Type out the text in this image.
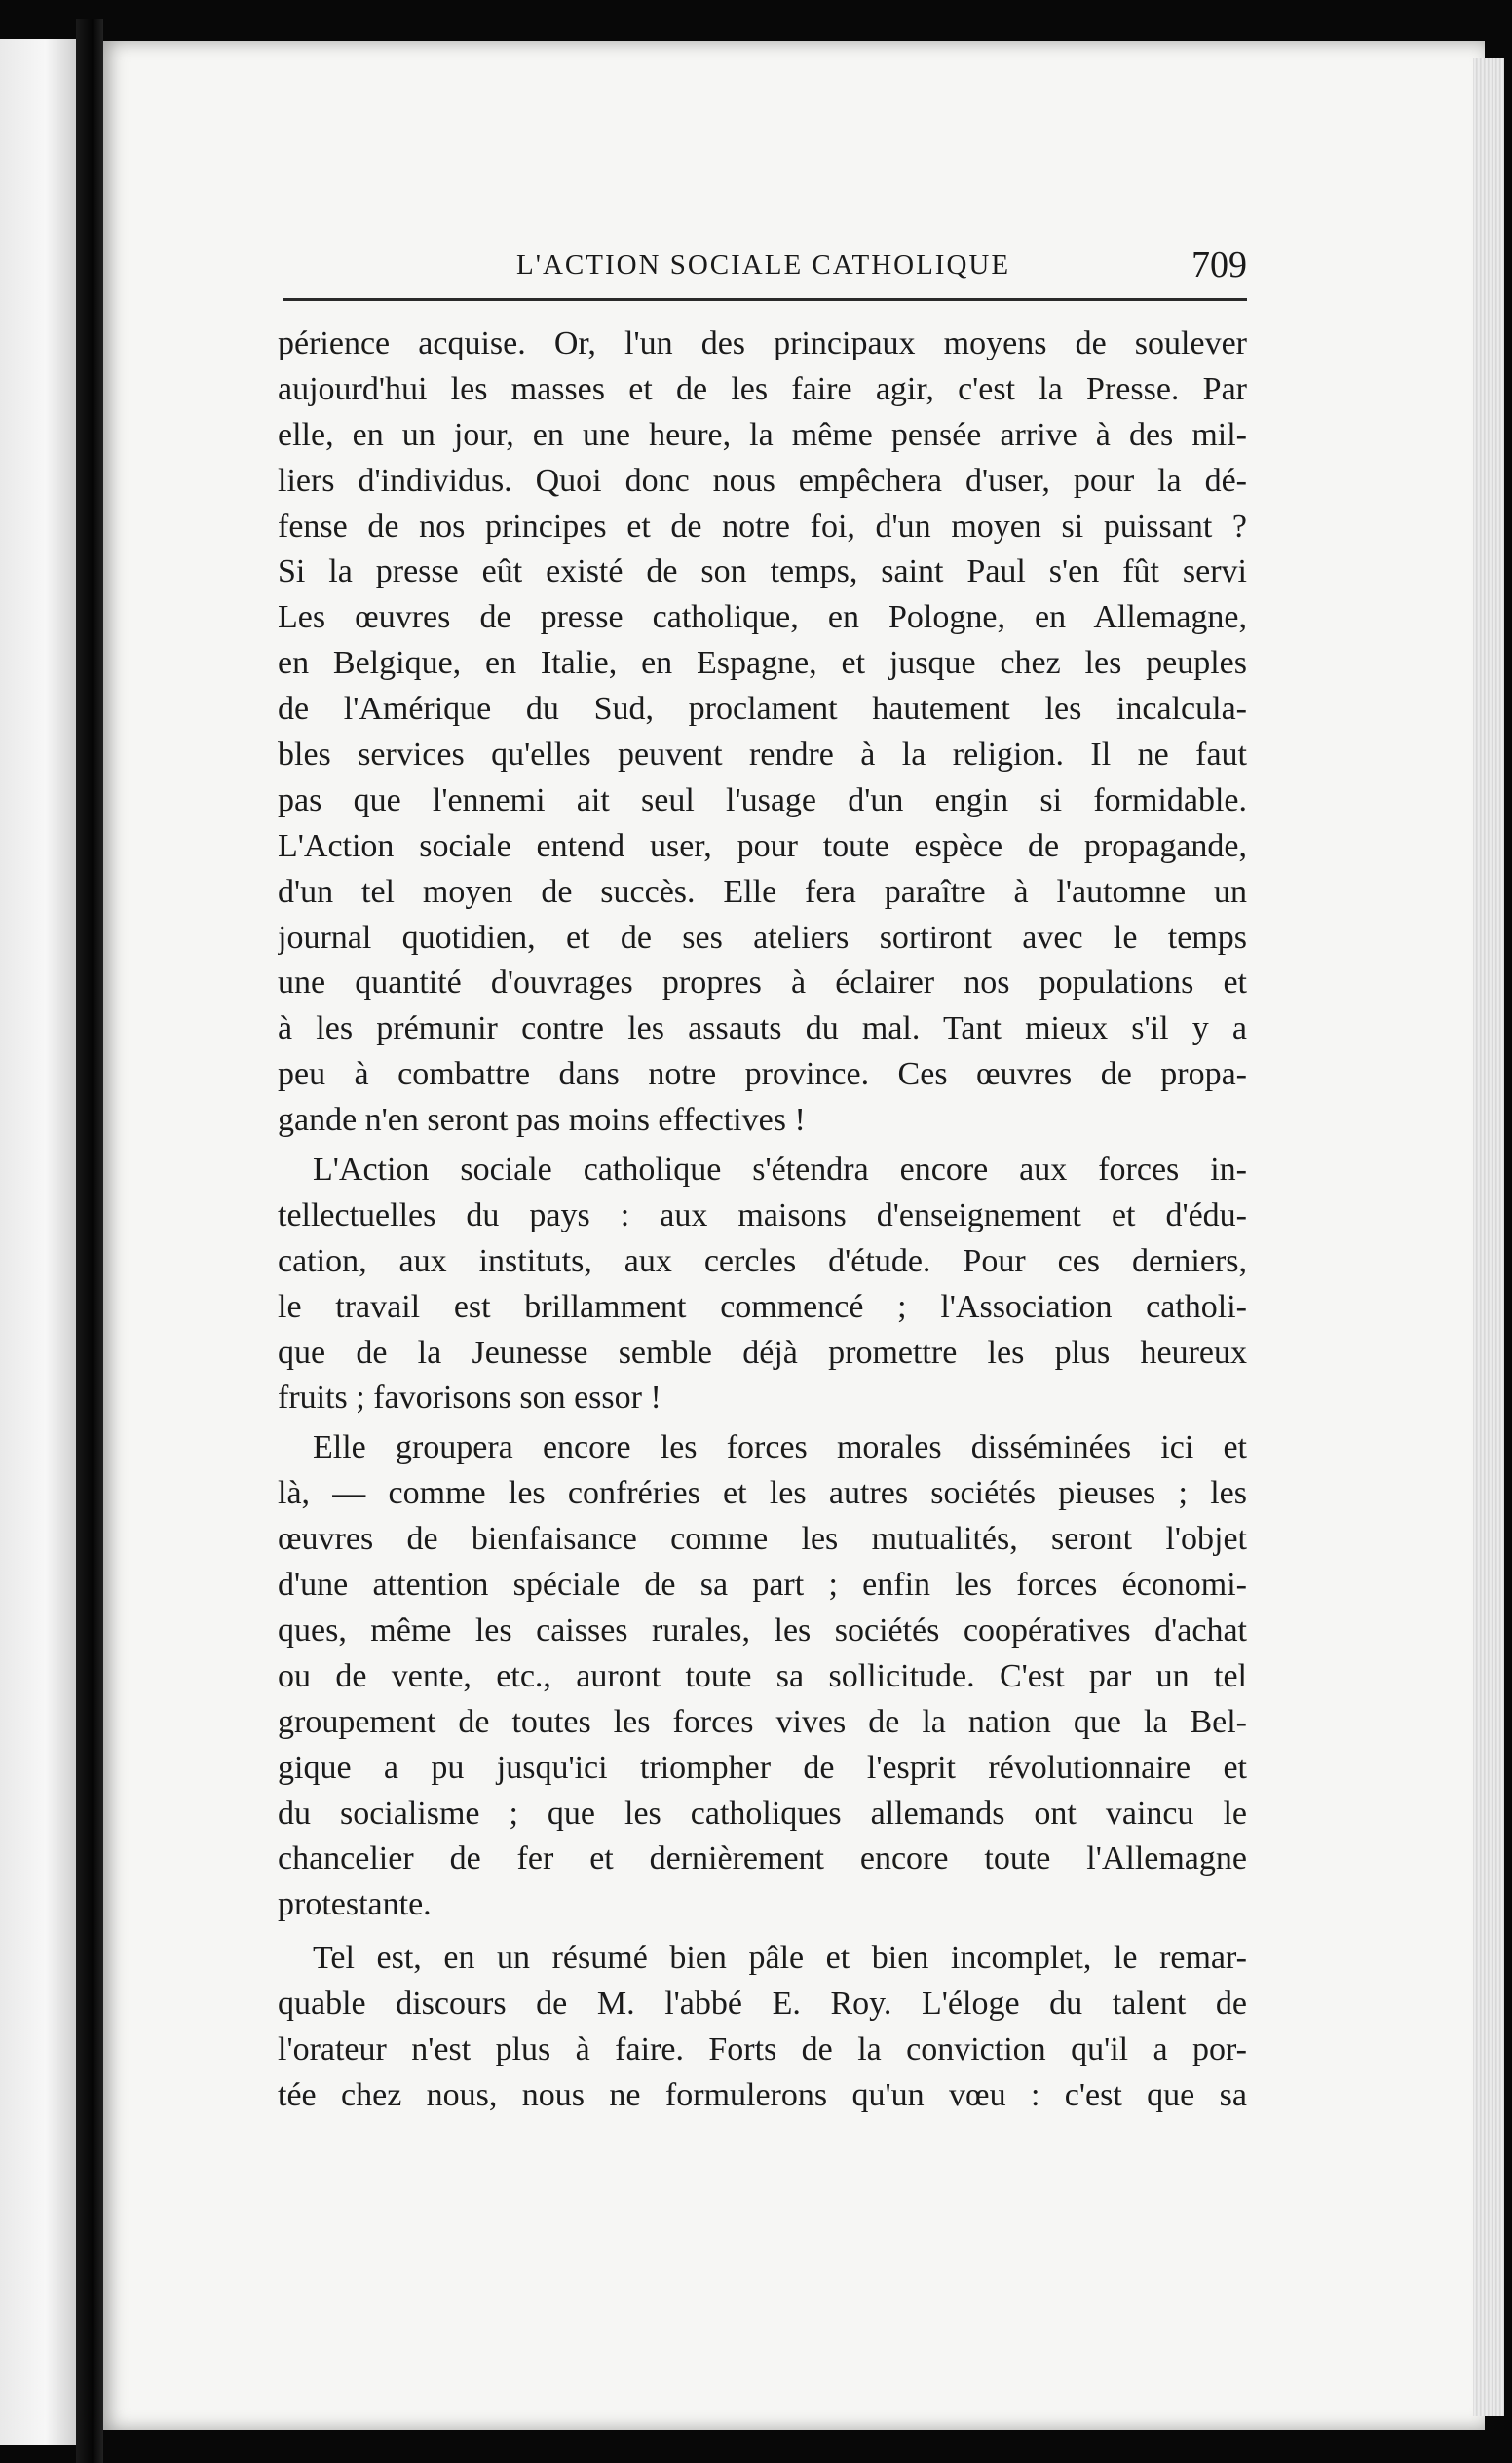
L'ACTION SOCIALE CATHOLIQUE	709
périence acquise. Or, l'un des principaux moyens de soulever
aujourd'hui les masses et de les faire agir, c'est la Presse. Par
elle, en un jour, en une heure, la même pensée arrive à des mil-
liers d'individus. Quoi donc nous empêchera d'user, pour la dé-
fense de nos principes et de notre foi, d'un moyen si puissant ?
Si la presse eût existé de son temps, saint Paul s'en fût servi
Les œuvres de presse catholique, en Pologne, en Allemagne,
en Belgique, en Italie, en Espagne, et jusque chez les peuples
de l'Amérique du Sud, proclament hautement les incalcula-
bles services qu'elles peuvent rendre à la religion. Il ne faut
pas que l'ennemi ait seul l'usage d'un engin si formidable.
L'Action sociale entend user, pour toute espèce de propagande,
d'un tel moyen de succès. Elle fera paraître à l'automne un
journal quotidien, et de ses ateliers sortiront avec le temps
une quantité d'ouvrages propres à éclairer nos populations et
à les prémunir contre les assauts du mal. Tant mieux s'il y a
peu à combattre dans notre province. Ces œuvres de propa-
gande n'en seront pas moins effectives !
L'Action sociale catholique s'étendra encore aux forces in-
tellectuelles du pays : aux maisons d'enseignement et d'édu-
cation, aux instituts, aux cercles d'étude. Pour ces derniers,
le travail est brillamment commencé ; l'Association catholi-
que de la Jeunesse semble déjà promettre les plus heureux
fruits ; favorisons son essor !
Elle groupera encore les forces morales disséminées ici et
là, — comme les confréries et les autres sociétés pieuses ; les
œuvres de bienfaisance comme les mutualités, seront l'objet
d'une attention spéciale de sa part ; enfin les forces économi-
ques, même les caisses rurales, les sociétés coopératives d'achat
ou de vente, etc., auront toute sa sollicitude. C'est par un tel
groupement de toutes les forces vives de la nation que la Bel-
gique a pu jusqu'ici triompher de l'esprit révolutionnaire et
du socialisme ; que les catholiques allemands ont vaincu le
chancelier de fer et dernièrement encore toute l'Allemagne
protestante.
Tel est, en un résumé bien pâle et bien incomplet, le remar-
quable discours de M. l'abbé E. Roy. L'éloge du talent de
l'orateur n'est plus à faire. Forts de la conviction qu'il a por-
tée chez nous, nous ne formulerons qu'un vœu : c'est que sa
